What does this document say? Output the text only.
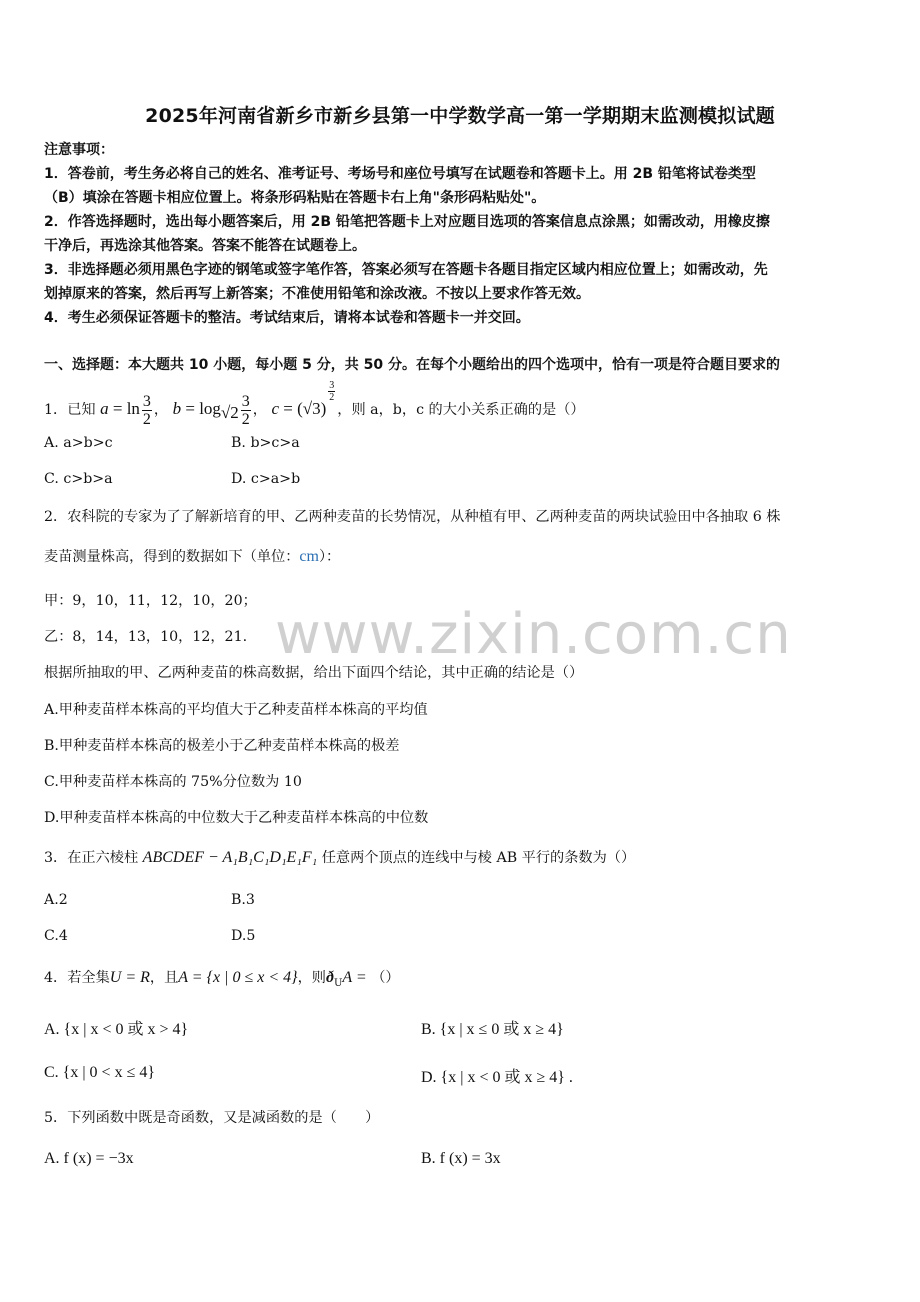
2025年河南省新乡市新乡县第一中学数学高一第一学期期末监测模拟试题
注意事项：
1．答卷前，考生务必将自己的姓名、准考证号、考场号和座位号填写在试题卷和答题卡上。用 2B 铅笔将试卷类型
（B）填涂在答题卡相应位置上。将条形码粘贴在答题卡右上角"条形码粘贴处"。
2．作答选择题时，选出每小题答案后，用 2B 铅笔把答题卡上对应题目选项的答案信息点涂黑；如需改动，用橡皮擦
干净后，再选涂其他答案。答案不能答在试题卷上。
3．非选择题必须用黑色字迹的钢笔或签字笔作答，答案必须写在答题卡各题目指定区域内相应位置上；如需改动，先
划掉原来的答案，然后再写上新答案；不准使用铅笔和涂改液。不按以上要求作答无效。
4．考生必须保证答题卡的整洁。考试结束后，请将本试卷和答题卡一并交回。
一、选择题：本大题共 10 小题，每小题 5 分，共 50 分。在每个小题给出的四个选项中，恰有一项是符合题目要求的
1．已知 $a = \ln \frac{3}{2}$ ， $b = \log_{√2} \frac{3}{2}$ ， c = (√3)
$\frac{3}{2}$
，则 a，b，c 的大小关系正确的是（）
A. a>b>c	B. b>c>a
C. c>b>a	D. c>a>b
2．农科院的专家为了了解新培育的甲、乙两种麦苗的长势情况，从种植有甲、乙两种麦苗的两块试验田中各抽取 6 株
麦苗测量株高，得到的数据如下（单位：cm）：
甲：9，10，11，12，10，20；
乙：8，14，13，10，12，21.
根据所抽取的甲、乙两种麦苗的株高数据，给出下面四个结论，其中正确的结论是（）
A.甲种麦苗样本株高的平均值大于乙种麦苗样本株高的平均值
B.甲种麦苗样本株高的极差小于乙种麦苗样本株高的极差
C.甲种麦苗样本株高的 75%分位数为 10
D.甲种麦苗样本株高的中位数大于乙种麦苗样本株高的中位数
3．在正六棱柱 ABCDEF − A₁B₁C₁D₁E₁F₁ 任意两个顶点的连线中与棱 AB 平行的条数为（）
A.2	B.3
C.4	D.5
4．若全集U = R，且A = {x | 0 ≤ x < 4}，则$ð_UA$ = （）
A. {x | x < 0 或 x > 4}	B. {x | x ≤ 0 或 x ≥ 4}
C. {x | 0 < x ≤ 4}	D. {x | x < 0 或 x ≥ 4} .
5．下列函数中既是奇函数，又是减函数的是（　　）
A. f (x) = −3x	B. f (x) = 3x
www.zixin.com.cn
